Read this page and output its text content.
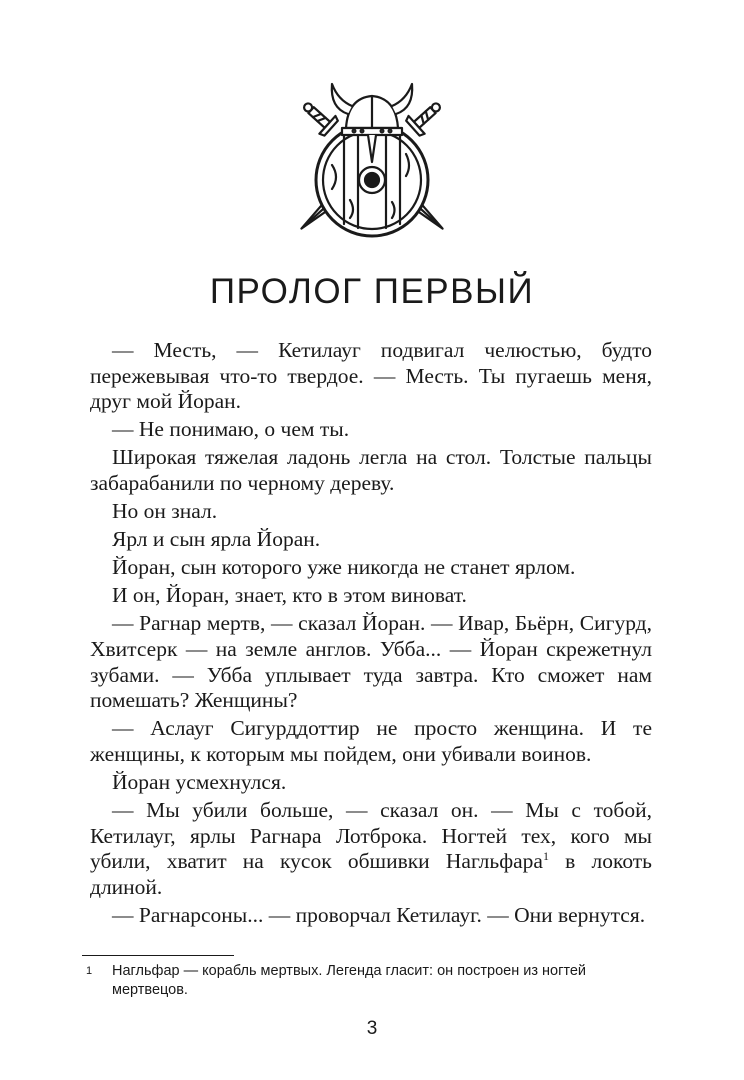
ПРОЛОГ ПЕРВЫЙ

— Месть, — Кетилауг подвигал челюстью, будто пережевывая что-то твердое. — Месть. Ты пугаешь меня, друг мой Йоран.

— Не понимаю, о чем ты.

Широкая тяжелая ладонь легла на стол. Толстые пальцы забарабанили по черному дереву.

Но он знал.

Ярл и сын ярла Йоран.

Йоран, сын которого уже никогда не станет ярлом.

И он, Йоран, знает, кто в этом виноват.

— Рагнар мертв, — сказал Йоран. — Ивар, Бьёрн, Сигурд, Хвитсерк — на земле англов. Убба... — Йоран скрежетнул зубами. — Убба уплывает туда завтра. Кто сможет нам помешать? Женщины?

— Аслауг Сигурддоттир не просто женщина. И те женщины, к которым мы пойдем, они убивали воинов.

Йоран усмехнулся.

— Мы убили больше, — сказал он. — Мы с тобой, Кетилауг, ярлы Рагнара Лотброка. Ногтей тех, кого мы убили, хватит на кусок обшивки Нагльфара$^1$ в локоть длиной.

— Рагнарсоны... — проворчал Кетилауг. — Они вернутся.

1 Нагльфар — корабль мертвых. Легенда гласит: он построен из ногтей мертвецов.
3
